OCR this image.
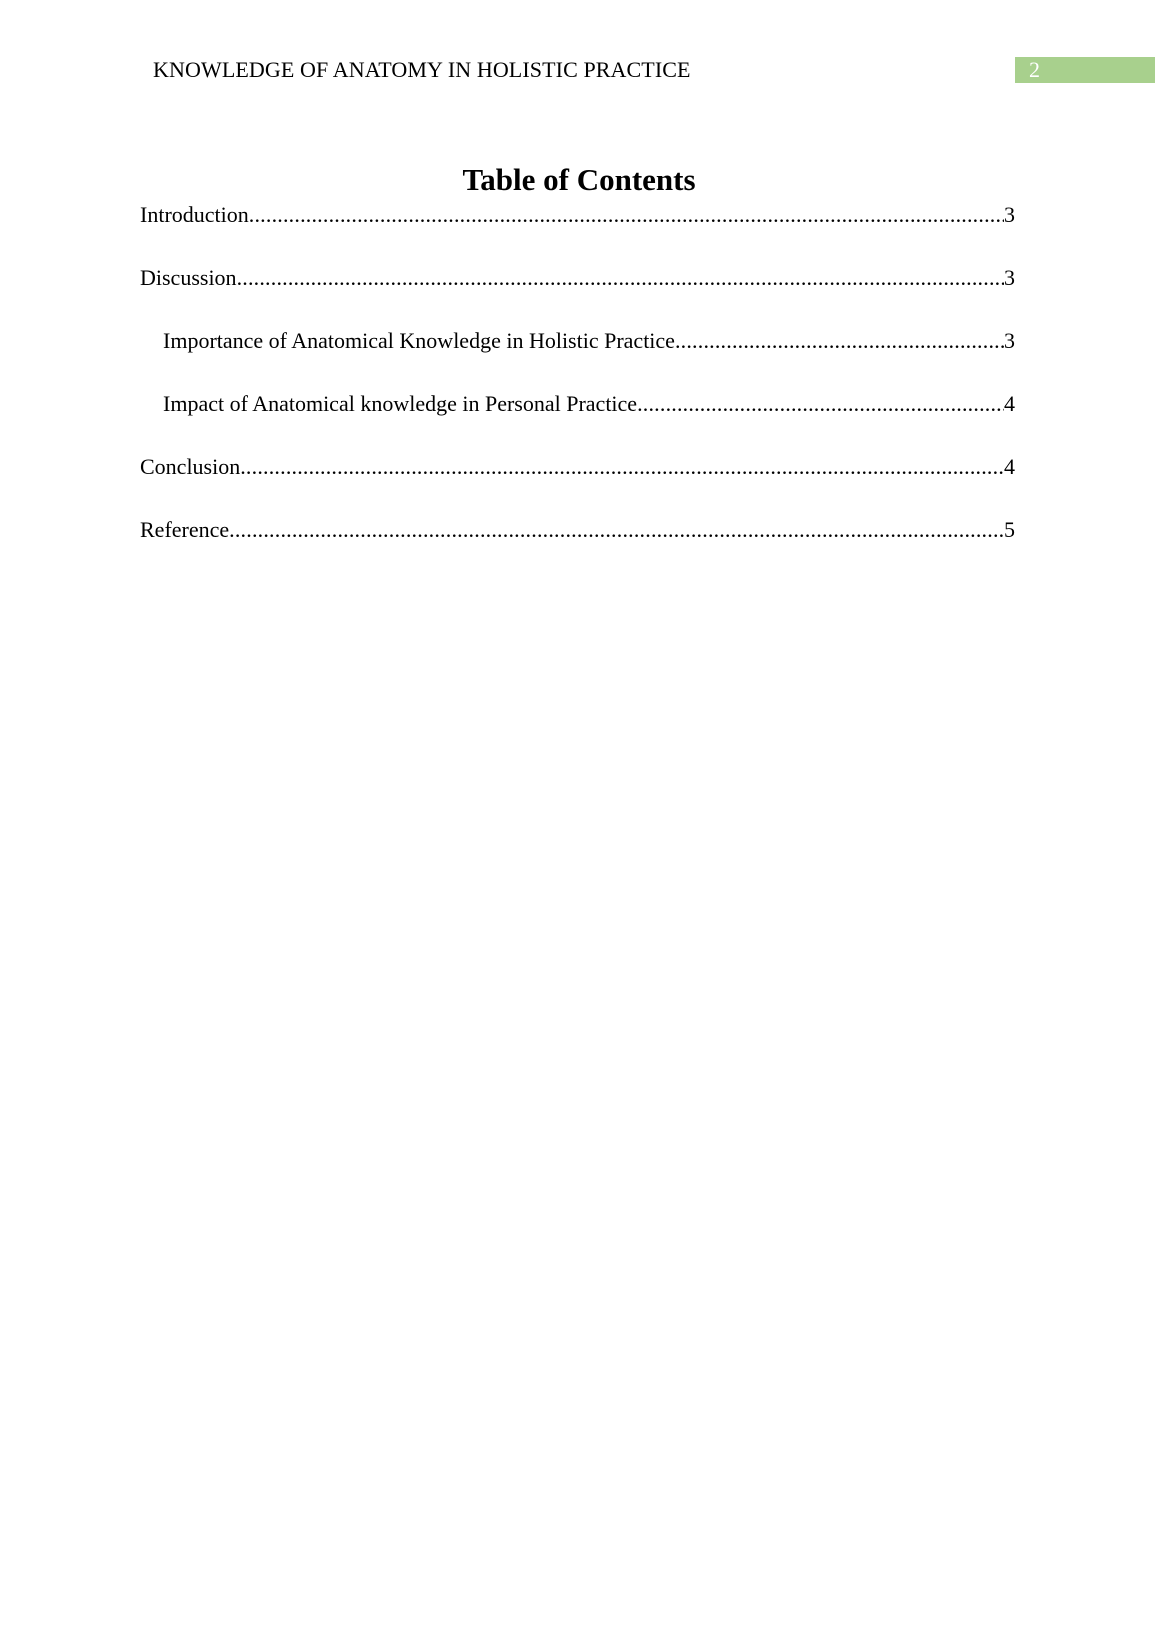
KNOWLEDGE OF ANATOMY IN HOLISTIC PRACTICE	2
Table of Contents
Introduction .....	3
Discussion .....	3
Importance of Anatomical Knowledge in Holistic Practice .....	3
Impact of Anatomical knowledge in Personal Practice .....	4
Conclusion .....	4
Reference .....	5
